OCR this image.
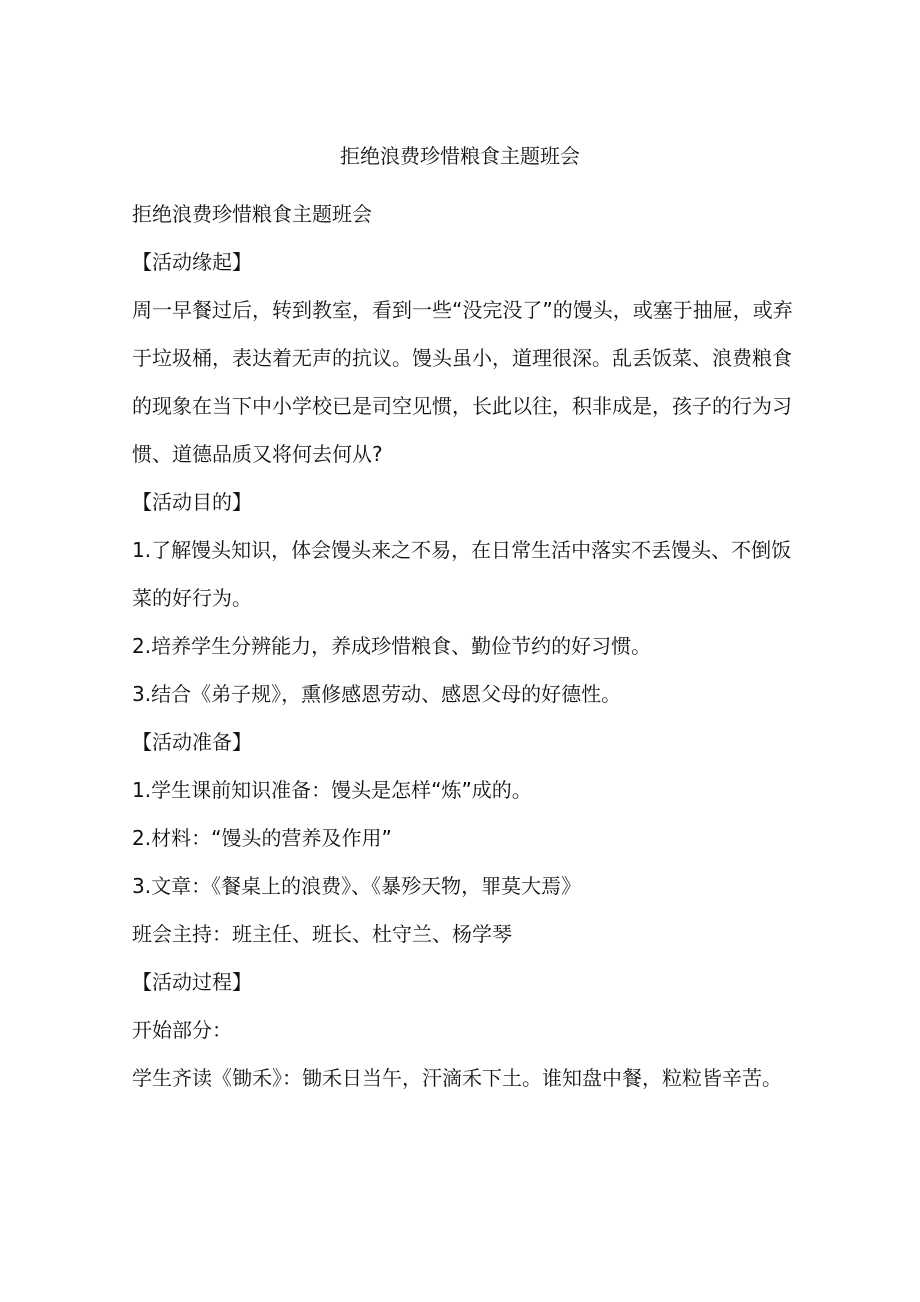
拒绝浪费珍惜粮食主题班会

拒绝浪费珍惜粮食主题班会

【活动缘起】

周一早餐过后，转到教室，看到一些“没完没了”的馒头，或塞于抽屉，或弃于垃圾桶，表达着无声的抗议。馒头虽小，道理很深。乱丢饭菜、浪费粮食的现象在当下中小学校已是司空见惯，长此以往，积非成是，孩子的行为习惯、道德品质又将何去何从?

【活动目的】

1.了解馒头知识，体会馒头来之不易，在日常生活中落实不丢馒头、不倒饭菜的好行为。

2.培养学生分辨能力，养成珍惜粮食、勤俭节约的好习惯。

3.结合《弟子规》，熏修感恩劳动、感恩父母的好德性。

【活动准备】

1.学生课前知识准备：馒头是怎样“炼”成的。

2.材料：“馒头的营养及作用”

3.文章：《餐桌上的浪费》、《暴殄天物，罪莫大焉》

班会主持：班主任、班长、杜守兰、杨学琴

【活动过程】

开始部分：

学生齐读《锄禾》：锄禾日当午，汗滴禾下土。谁知盘中餐，粒粒皆辛苦。
